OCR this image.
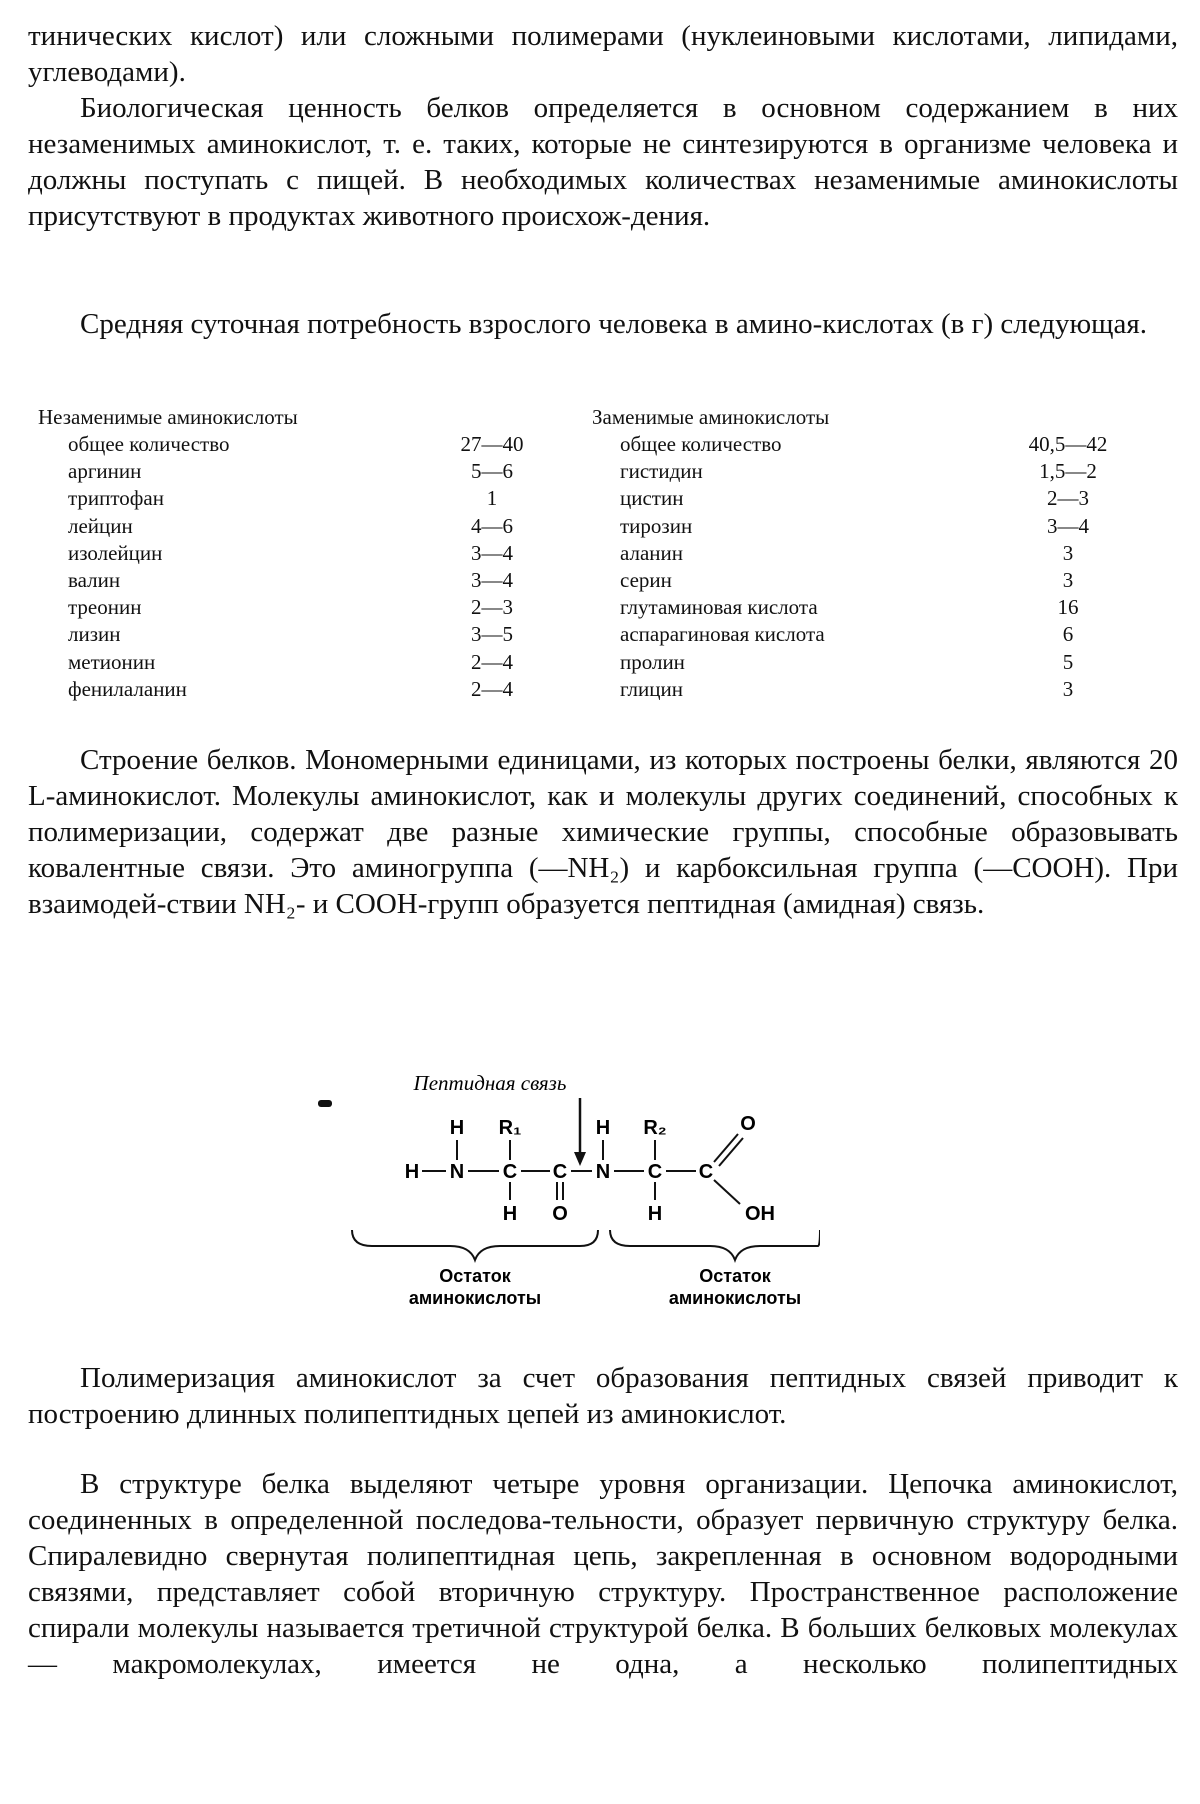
тинических кислот) или сложными полимерами (нуклеиновыми кислотами, липидами, углеводами).

Биологическая ценность белков определяется в основном содержанием в них незаменимых аминокислот, т. е. таких, которые не синтезируются в организме человека и должны поступать с пищей. В необходимых количествах незаменимые аминокислоты присутствуют в продуктах животного происхож-дения.

Средняя суточная потребность взрослого человека в амино-кислотах (в г) следующая.

Незаменимые аминокислоты
общее количество	27—40
аргинин	5—6
триптофан	1
лейцин	4—6
изолейцин	3—4
валин	3—4
треонин	2—3
лизин	3—5
метионин	2—4
фенилаланин	2—4
Заменимые аминокислоты
общее количество	40,5—42
гистидин	1,5—2
цистин	2—3
тирозин	3—4
аланин	3
серин	3
глутаминовая кислота	16
аспарагиновая кислота	6
пролин	5
глицин	3

Строение белков. Мономерными единицами, из которых построены белки, являются 20 L-аминокислот. Молекулы аминокислот, как и молекулы других соединений, способных к полимеризации, содержат две разные химические группы, способные образовывать ковалентные связи. Это аминогруппа (—NH₂) и карбоксильная группа (—COOH). При взаимодей-ствии NH₂- и COOH-групп образуется пептидная (амидная) связь.

Пептидная связь
H R₁	H R₂	O
H N C C N C C
H O	H	OH
Остаток
аминокислоты
Остаток
аминокислоты

Полимеризация аминокислот за счет образования пептидных связей приводит к построению длинных полипептидных цепей из аминокислот.

В структуре белка выделяют четыре уровня организации. Цепочка аминокислот, соединенных в определенной последова-тельности, образует первичную структуру белка. Спиралевидно свернутая полипептидная цепь, закрепленная в основном водородными связями, представляет собой вторичную структуру. Пространственное расположение спирали молекулы называется третичной структурой белка. В больших белковых молекулах — макромолекулах, имеется не одна, а несколько полипептидных
